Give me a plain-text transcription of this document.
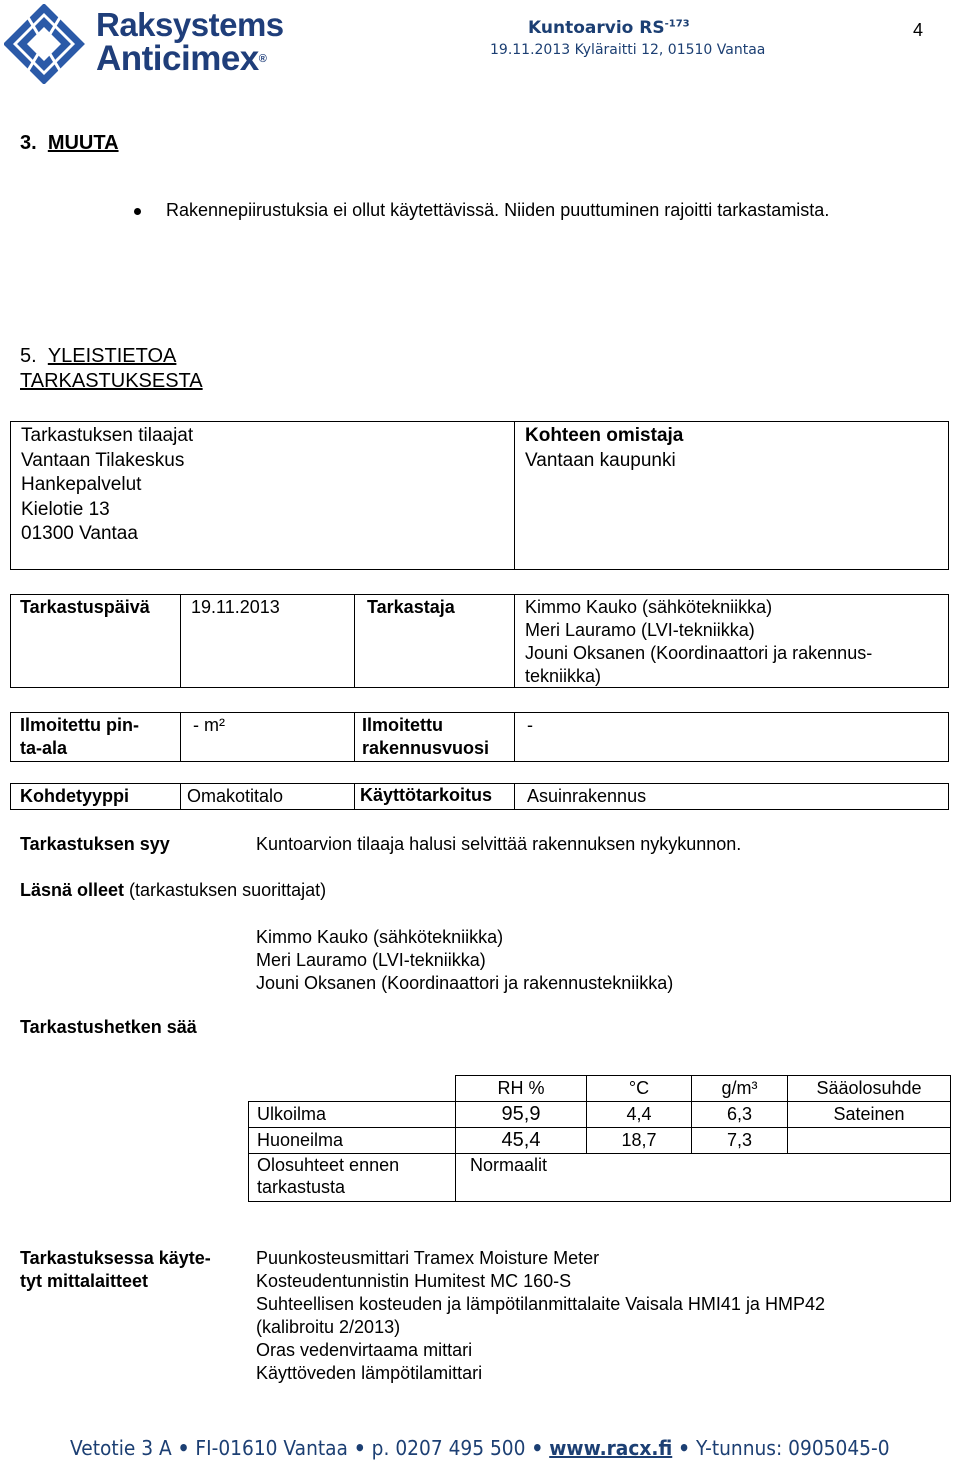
Raksystems
Anticimex®
Kuntoarvio $RS^{-173}$
19.11.2013 Kyläraitti 12, 01510 Vantaa
4
3. MUUTA
Rakennepiirustuksia ei ollut käytettävissä. Niiden puuttuminen rajoitti tarkastamista.
5. YLEISTIETOA
TARKASTUKSESTA
Tarkastuksen tilaajat
Vantaan Tilakeskus
Hankepalvelut
Kielotie 13
01300 Vantaa
Kohteen omistaja
Vantaan kaupunki
Tarkastuspäivä 19.11.2013	Tarkastaja	Kimmo Kauko (sähkötekniikka)
Meri Lauramo (LVI-tekniikka)
Jouni Oksanen (Koordinaattori ja rakennus-
tekniikka)
Ilmoitettu pin-
ta-ala
- m²	Ilmoitettu
rakennusvuosi
-
Kohdetyyppi	Omakotitalo	Käyttötarkoitus Asuinrakennus
Tarkastuksen syy	Kuntoarvion tilaaja halusi selvittää rakennuksen nykykunnon.
Läsnä olleet (tarkastuksen suorittajat)
Kimmo Kauko (sähkötekniikka)
Meri Lauramo (LVI-tekniikka)
Jouni Oksanen (Koordinaattori ja rakennustekniikka)
Tarkastushetken sää
	RH %	°C	g/m³	Sääolosuhde
Ulkoilma	95,9	4,4	6,3	Sateinen
Huoneilma	45,4	18,7	7,3	

Olosuhteet ennen
tarkastusta	Normaalit			
Tarkastuksessa käyte-
tyt mittalaitteet
Puunkosteusmittari Tramex Moisture Meter
Kosteudentunnistin Humitest MC 160-S
Suhteellisen kosteuden ja lämpötilanmittalaite Vaisala HMI41 ja HMP42
(kalibroitu 2/2013)
Oras vedenvirtaama mittari
Käyttöveden lämpötilamittari
Vetotie 3 A • FI-01610 Vantaa • p. 0207 495 500 • www.racx.fi • Y-tunnus: 0905045-0
